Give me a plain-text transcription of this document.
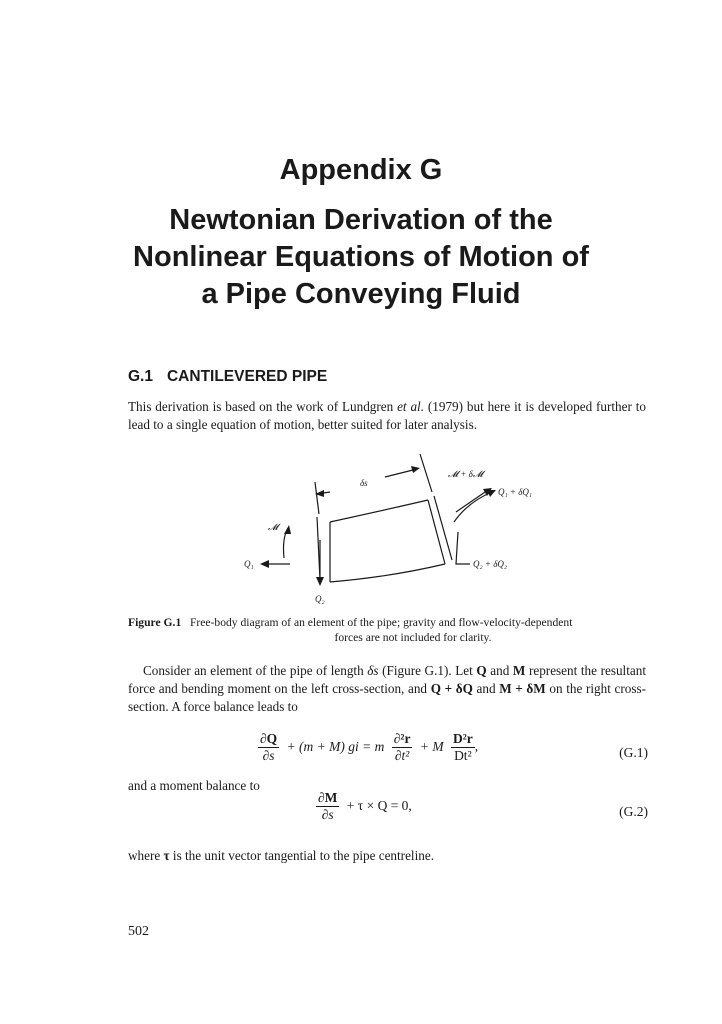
Appendix G
Newtonian Derivation of the
Nonlinear Equations of Motion of
a Pipe Conveying Fluid
G.1 CANTILEVERED PIPE

This derivation is based on the work of Lundgren et al. (1979) but here it is developed further to lead to a single equation of motion, better suited for later analysis.

δs
𝓜
𝓜 + δ𝓜
Q₁
Q₂
Q₁ + δQ₁
Q₂ + δQ₂
Figure G.1 Free-body diagram of an element of the pipe; gravity and flow-velocity-dependent
forces are not included for clarity.

Consider an element of the pipe of length δs (Figure G.1). Let Q and M represent the resultant force and bending moment on the left cross-section, and Q + δQ and M + δM on the right cross-section. A force balance leads to

$\frac{\partial Q}{\partial s} + (m + M)$ gi = m $\frac{\text{∂²r}}{\text{∂t²}} + M \frac{\text{D²r}}{\text{Dt²}}$ ,	(G.1)

and a moment balance to

$\frac{\partial M}{\partial s} + \tau \times Q = 0$,	(G.2)

where τ is the unit vector tangential to the pipe centreline.

502
